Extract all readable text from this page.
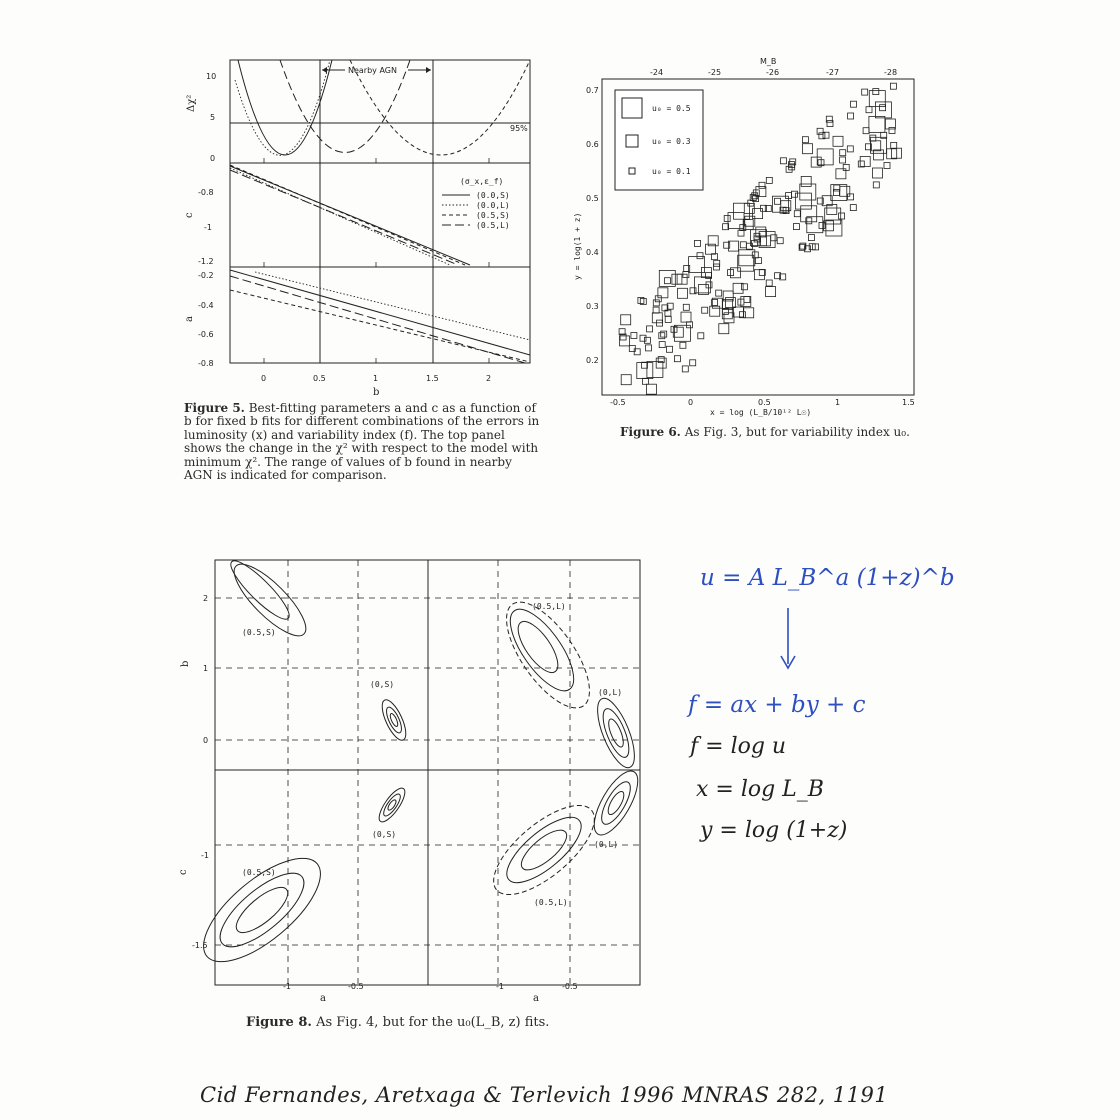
Nearby AGN
95%
(σ_x,ε_f)
(0.0,S)
(0.0,L)
(0.5,S)
(0.5,L)
10
5
0
Δχ²
-0.8
-1
-1.2
c
-0.2
-0.4
-0.6
-0.8
a
0	0.5	1	1.5	2
b
Figure 5. Best-fitting parameters a and c as a function of b for fixed b fits for different combinations of the errors in luminosity (x) and variability index (f). The top panel shows the change in the χ² with respect to the model with minimum χ². The range of values of b found in nearby AGN is indicated for comparison.
M_B
-24	-25	-26	-27	-28
0.7
0.6
0.5
0.4
0.3
0.2
y = log(1 + z)
-0.5	0	0.5	1	1.5
x = log (L_B/10¹² L☉)
u₀ = 0.5
u₀ = 0.3
u₀ = 0.1
Figure 6. As Fig. 3, but for variability index u₀.
(0.5,S)
(0.5,L)
(0,S)
(0,L)
(0.5,S)
(0,S)
(0,L)
(0.5,L)
2
1
0
b
-1
-1.5
c
-1	-0.5	-1	-0.5
a	a
Figure 8. As Fig. 4, but for the u₀(L_B, z) fits.
u = A L_B^a (1+z)^b
f = ax + by + c
f = log u
x = log L_B
y = log (1+z)
Cid Fernandes, Aretxaga & Terlevich 1996 MNRAS 282, 1191
